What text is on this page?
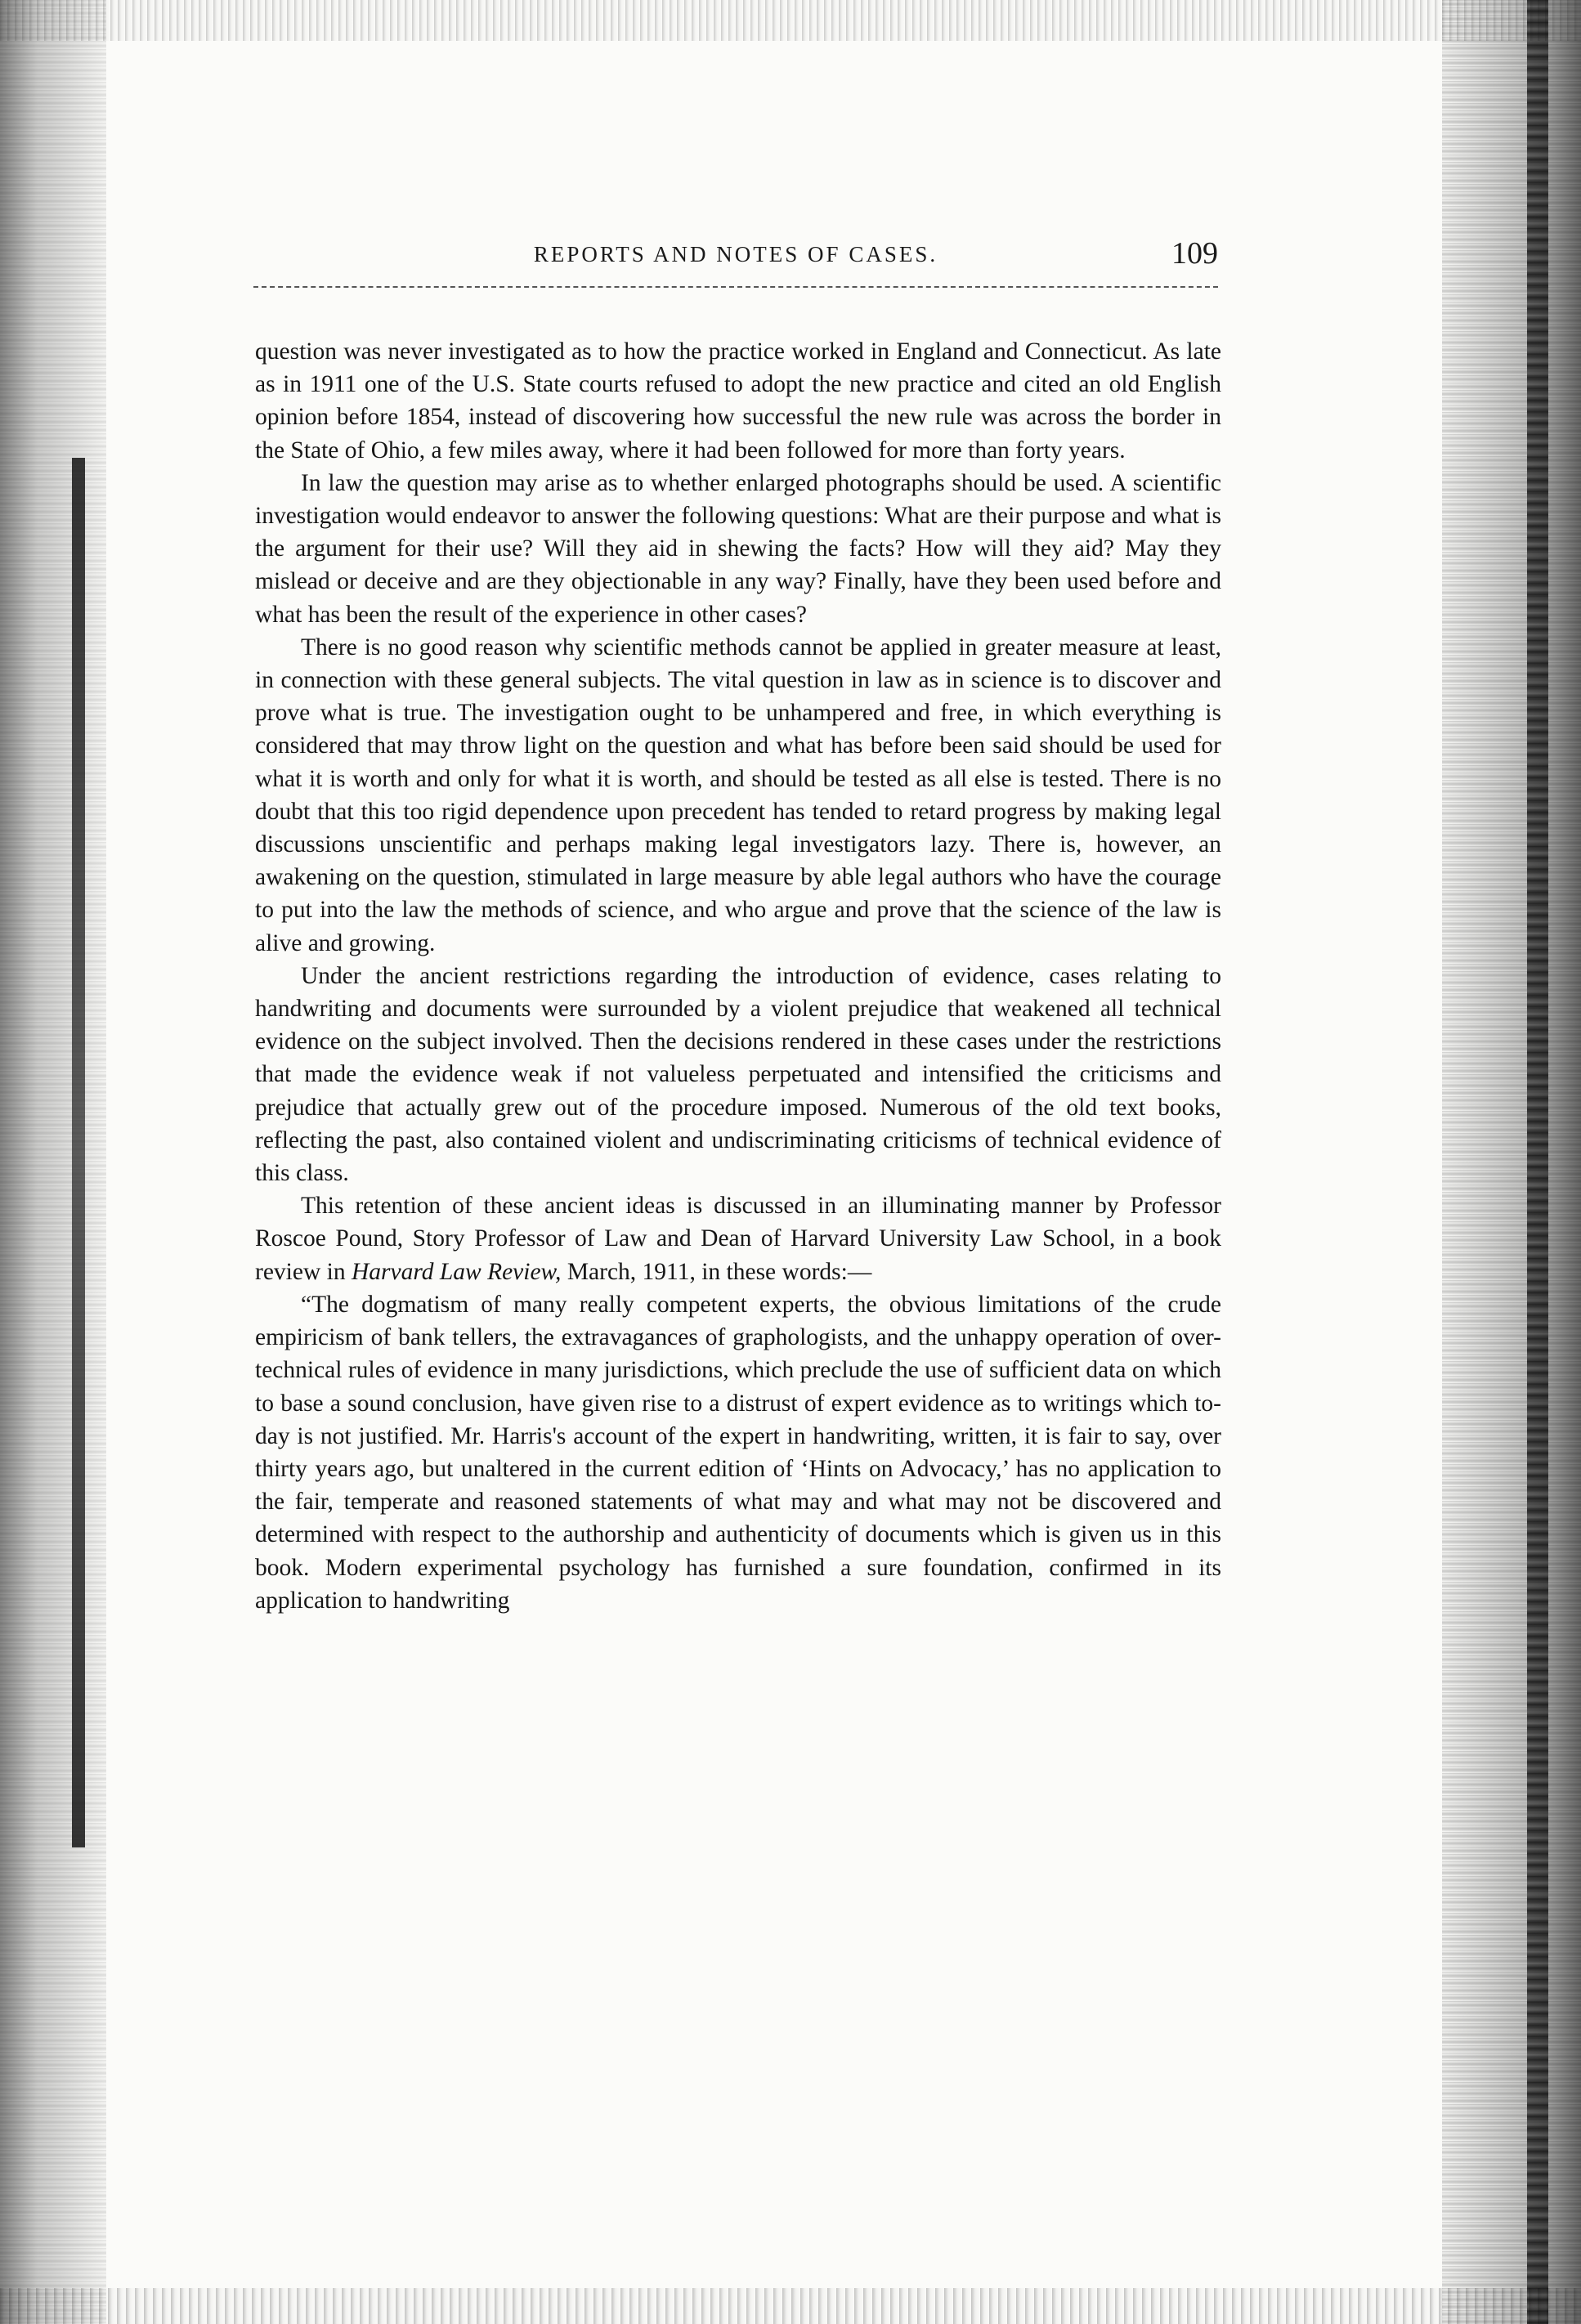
REPORTS AND NOTES OF CASES.	109

question was never investigated as to how the practice worked in England and Connecticut. As late as in 1911 one of the U.S. State courts refused to adopt the new practice and cited an old English opinion before 1854, instead of discovering how successful the new rule was across the border in the State of Ohio, a few miles away, where it had been followed for more than forty years.

In law the question may arise as to whether enlarged photographs should be used. A scientific investigation would endeavor to answer the following questions: What are their purpose and what is the argument for their use? Will they aid in shewing the facts? How will they aid? May they mislead or deceive and are they objectionable in any way? Finally, have they been used before and what has been the result of the experience in other cases?

There is no good reason why scientific methods cannot be applied in greater measure at least, in connection with these general subjects. The vital question in law as in science is to discover and prove what is true. The investigation ought to be unhampered and free, in which everything is considered that may throw light on the question and what has before been said should be used for what it is worth and only for what it is worth, and should be tested as all else is tested. There is no doubt that this too rigid dependence upon precedent has tended to retard progress by making legal discussions unscientific and perhaps making legal investigators lazy. There is, however, an awakening on the question, stimulated in large measure by able legal authors who have the courage to put into the law the methods of science, and who argue and prove that the science of the law is alive and growing.

Under the ancient restrictions regarding the introduction of evidence, cases relating to handwriting and documents were surrounded by a violent prejudice that weakened all technical evidence on the subject involved. Then the decisions rendered in these cases under the restrictions that made the evidence weak if not valueless perpetuated and intensified the criticisms and prejudice that actually grew out of the procedure imposed. Numerous of the old text books, reflecting the past, also contained violent and undiscriminating criticisms of technical evidence of this class.

This retention of these ancient ideas is discussed in an illuminating manner by Professor Roscoe Pound, Story Professor of Law and Dean of Harvard University Law School, in a book review in Harvard Law Review, March, 1911, in these words:—

“The dogmatism of many really competent experts, the obvious limitations of the crude empiricism of bank tellers, the extravagances of graphologists, and the unhappy operation of over-technical rules of evidence in many jurisdictions, which preclude the use of sufficient data on which to base a sound conclusion, have given rise to a distrust of expert evidence as to writings which to-day is not justified. Mr. Harris's account of the expert in handwriting, written, it is fair to say, over thirty years ago, but unaltered in the current edition of ‘Hints on Advocacy,’ has no application to the fair, temperate and reasoned statements of what may and what may not be discovered and determined with respect to the authorship and authenticity of documents which is given us in this book. Modern experimental psychology has furnished a sure foundation, confirmed in its application to handwriting
